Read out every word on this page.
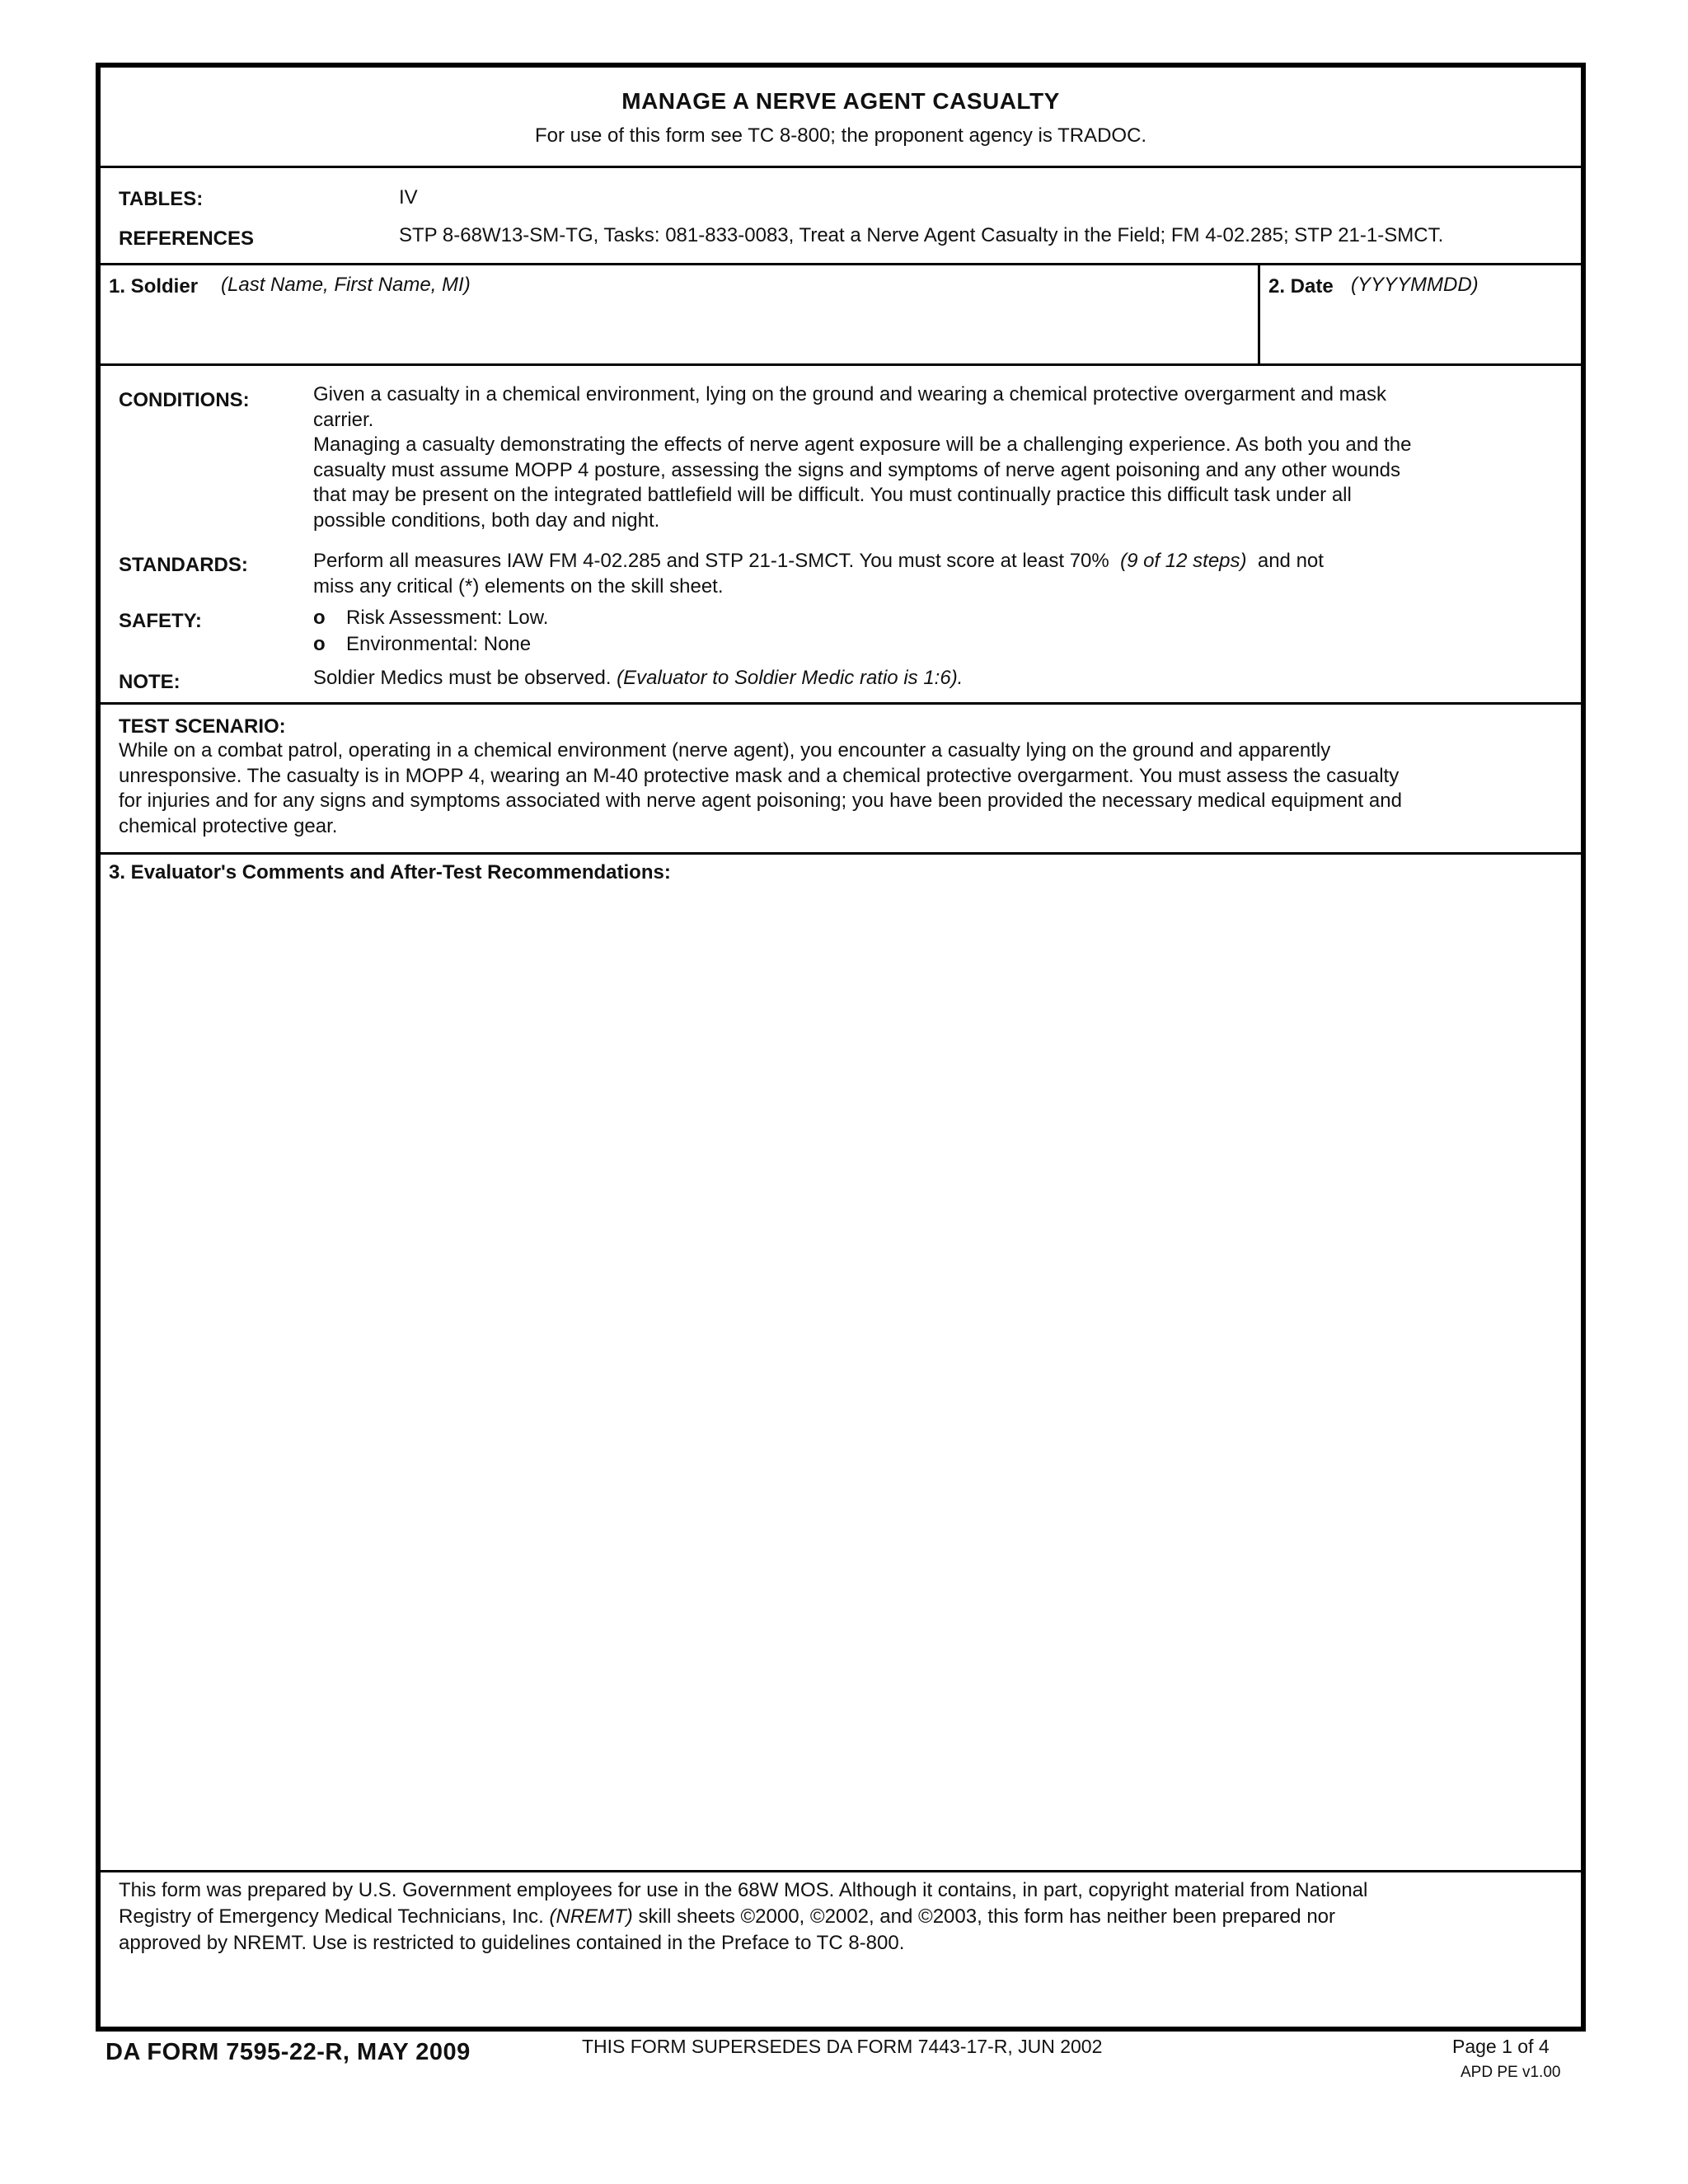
MANAGE A NERVE AGENT CASUALTY
For use of this form see TC 8-800; the proponent agency is TRADOC.
TABLES:	IV
REFERENCES	STP 8-68W13-SM-TG, Tasks: 081-833-0083, Treat a Nerve Agent Casualty in the Field; FM 4-02.285; STP 21-1-SMCT.
1. Soldier (Last Name, First Name, MI)	2. Date (YYYYMMDD)
CONDITIONS:	Given a casualty in a chemical environment, lying on the ground and wearing a chemical protective overgarment and mask
carrier.
Managing a casualty demonstrating the effects of nerve agent exposure will be a challenging experience. As both you and the
casualty must assume MOPP 4 posture, assessing the signs and symptoms of nerve agent poisoning and any other wounds
that may be present on the integrated battlefield will be difficult. You must continually practice this difficult task under all
possible conditions, both day and night.
STANDARDS:	Perform all measures IAW FM 4-02.285 and STP 21-1-SMCT. You must score at least 70% (9 of 12 steps) and not
miss any critical (*) elements on the skill sheet.
SAFETY:	o Risk Assessment: Low.
o Environmental: None
NOTE:	Soldier Medics must be observed. (Evaluator to Soldier Medic ratio is 1:6).
TEST SCENARIO:
While on a combat patrol, operating in a chemical environment (nerve agent), you encounter a casualty lying on the ground and apparently
unresponsive. The casualty is in MOPP 4, wearing an M-40 protective mask and a chemical protective overgarment. You must assess the casualty
for injuries and for any signs and symptoms associated with nerve agent poisoning; you have been provided the necessary medical equipment and
chemical protective gear.
3. Evaluator's Comments and After-Test Recommendations:
This form was prepared by U.S. Government employees for use in the 68W MOS. Although it contains, in part, copyright material from National
Registry of Emergency Medical Technicians, Inc. (NREMT) skill sheets ©2000, ©2002, and ©2003, this form has neither been prepared nor
approved by NREMT. Use is restricted to guidelines contained in the Preface to TC 8-800.
DA FORM 7595-22-R, MAY 2009	THIS FORM SUPERSEDES DA FORM 7443-17-R, JUN 2002	Page 1 of 4
APD PE v1.00
